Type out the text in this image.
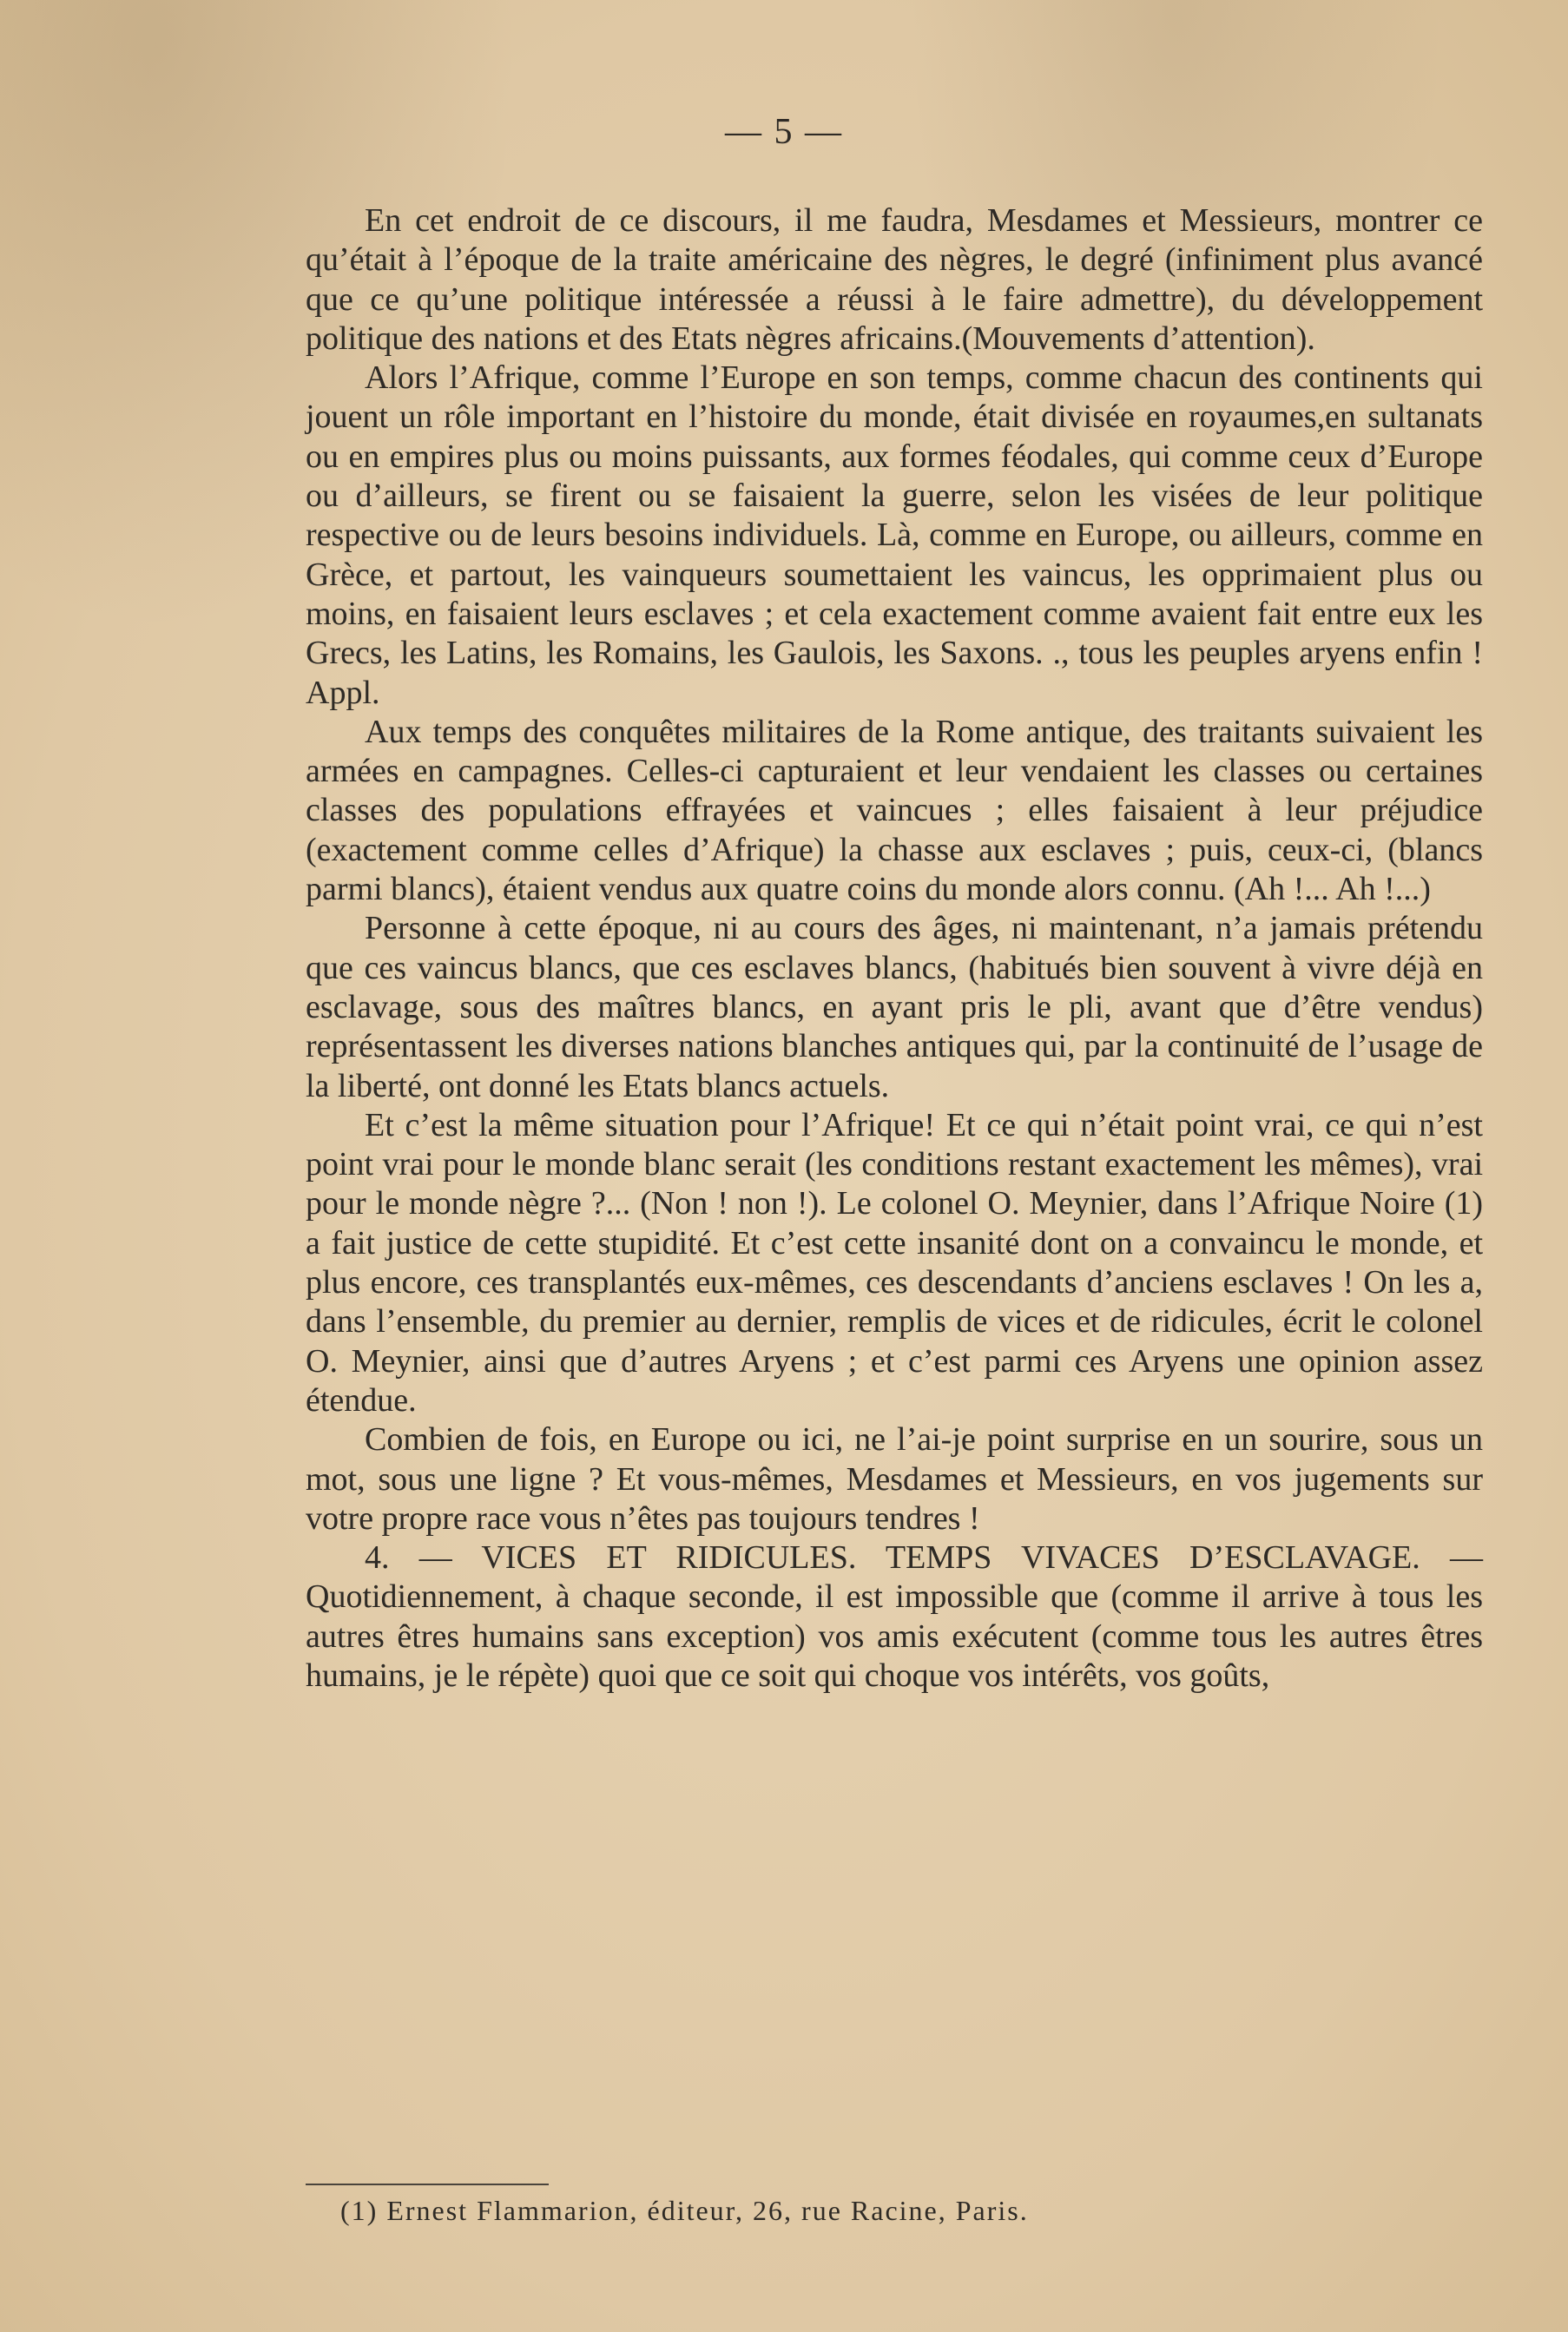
— 5 —

En cet endroit de ce discours, il me faudra, Mesdames et Messieurs, montrer ce qu’était à l’époque de la traite américaine des nègres, le degré (infiniment plus avancé que ce qu’une politique intéressée a réussi à le faire admettre), du développement politique des nations et des Etats nègres africains.(Mouvements d’attention).

Alors l’Afrique, comme l’Europe en son temps, comme chacun des continents qui jouent un rôle important en l’histoire du monde, était divisée en royaumes,en sultanats ou en empires plus ou moins puissants, aux formes féodales, qui comme ceux d’Europe ou d’ailleurs, se firent ou se faisaient la guerre, selon les visées de leur politique respective ou de leurs besoins individuels. Là, comme en Europe, ou ailleurs, comme en Grèce, et partout, les vainqueurs soumettaient les vaincus, les opprimaient plus ou moins, en faisaient leurs esclaves ; et cela exactement comme avaient fait entre eux les Grecs, les Latins, les Romains, les Gaulois, les Saxons. ., tous les peuples aryens enfin ! Appl.

Aux temps des conquêtes militaires de la Rome antique, des traitants suivaient les armées en campagnes. Celles-ci capturaient et leur vendaient les classes ou certaines classes des populations effrayées et vaincues ; elles faisaient à leur préjudice (exactement comme celles d’Afrique) la chasse aux esclaves ; puis, ceux-ci, (blancs parmi blancs), étaient vendus aux quatre coins du monde alors connu. (Ah !... Ah !...)

Personne à cette époque, ni au cours des âges, ni maintenant, n’a jamais prétendu que ces vaincus blancs, que ces esclaves blancs, (habitués bien souvent à vivre déjà en esclavage, sous des maîtres blancs, en ayant pris le pli, avant que d’être vendus) représentassent les diverses nations blanches antiques qui, par la continuité de l’usage de la liberté, ont donné les Etats blancs actuels.

Et c’est la même situation pour l’Afrique! Et ce qui n’était point vrai, ce qui n’est point vrai pour le monde blanc serait (les conditions restant exactement les mêmes), vrai pour le monde nègre ?... (Non ! non !). Le colonel O. Meynier, dans l’Afrique Noire (1) a fait justice de cette stupidité. Et c’est cette insanité dont on a convaincu le monde, et plus encore, ces transplantés eux-mêmes, ces descendants d’anciens esclaves ! On les a, dans l’ensemble, du premier au dernier, remplis de vices et de ridicules, écrit le colonel O. Meynier, ainsi que d’autres Aryens ; et c’est parmi ces Aryens une opinion assez étendue.

Combien de fois, en Europe ou ici, ne l’ai-je point surprise en un sourire, sous un mot, sous une ligne ? Et vous-mêmes, Mesdames et Messieurs, en vos jugements sur votre propre race vous n’êtes pas toujours tendres !

4. — VICES ET RIDICULES. TEMPS VIVACES D’ESCLAVAGE. — Quotidiennement, à chaque seconde, il est impossible que (comme il arrive à tous les autres êtres humains sans exception) vos amis exécutent (comme tous les autres êtres humains, je le répète) quoi que ce soit qui choque vos intérêts, vos goûts,

(1) Ernest Flammarion, éditeur, 26, rue Racine, Paris.
